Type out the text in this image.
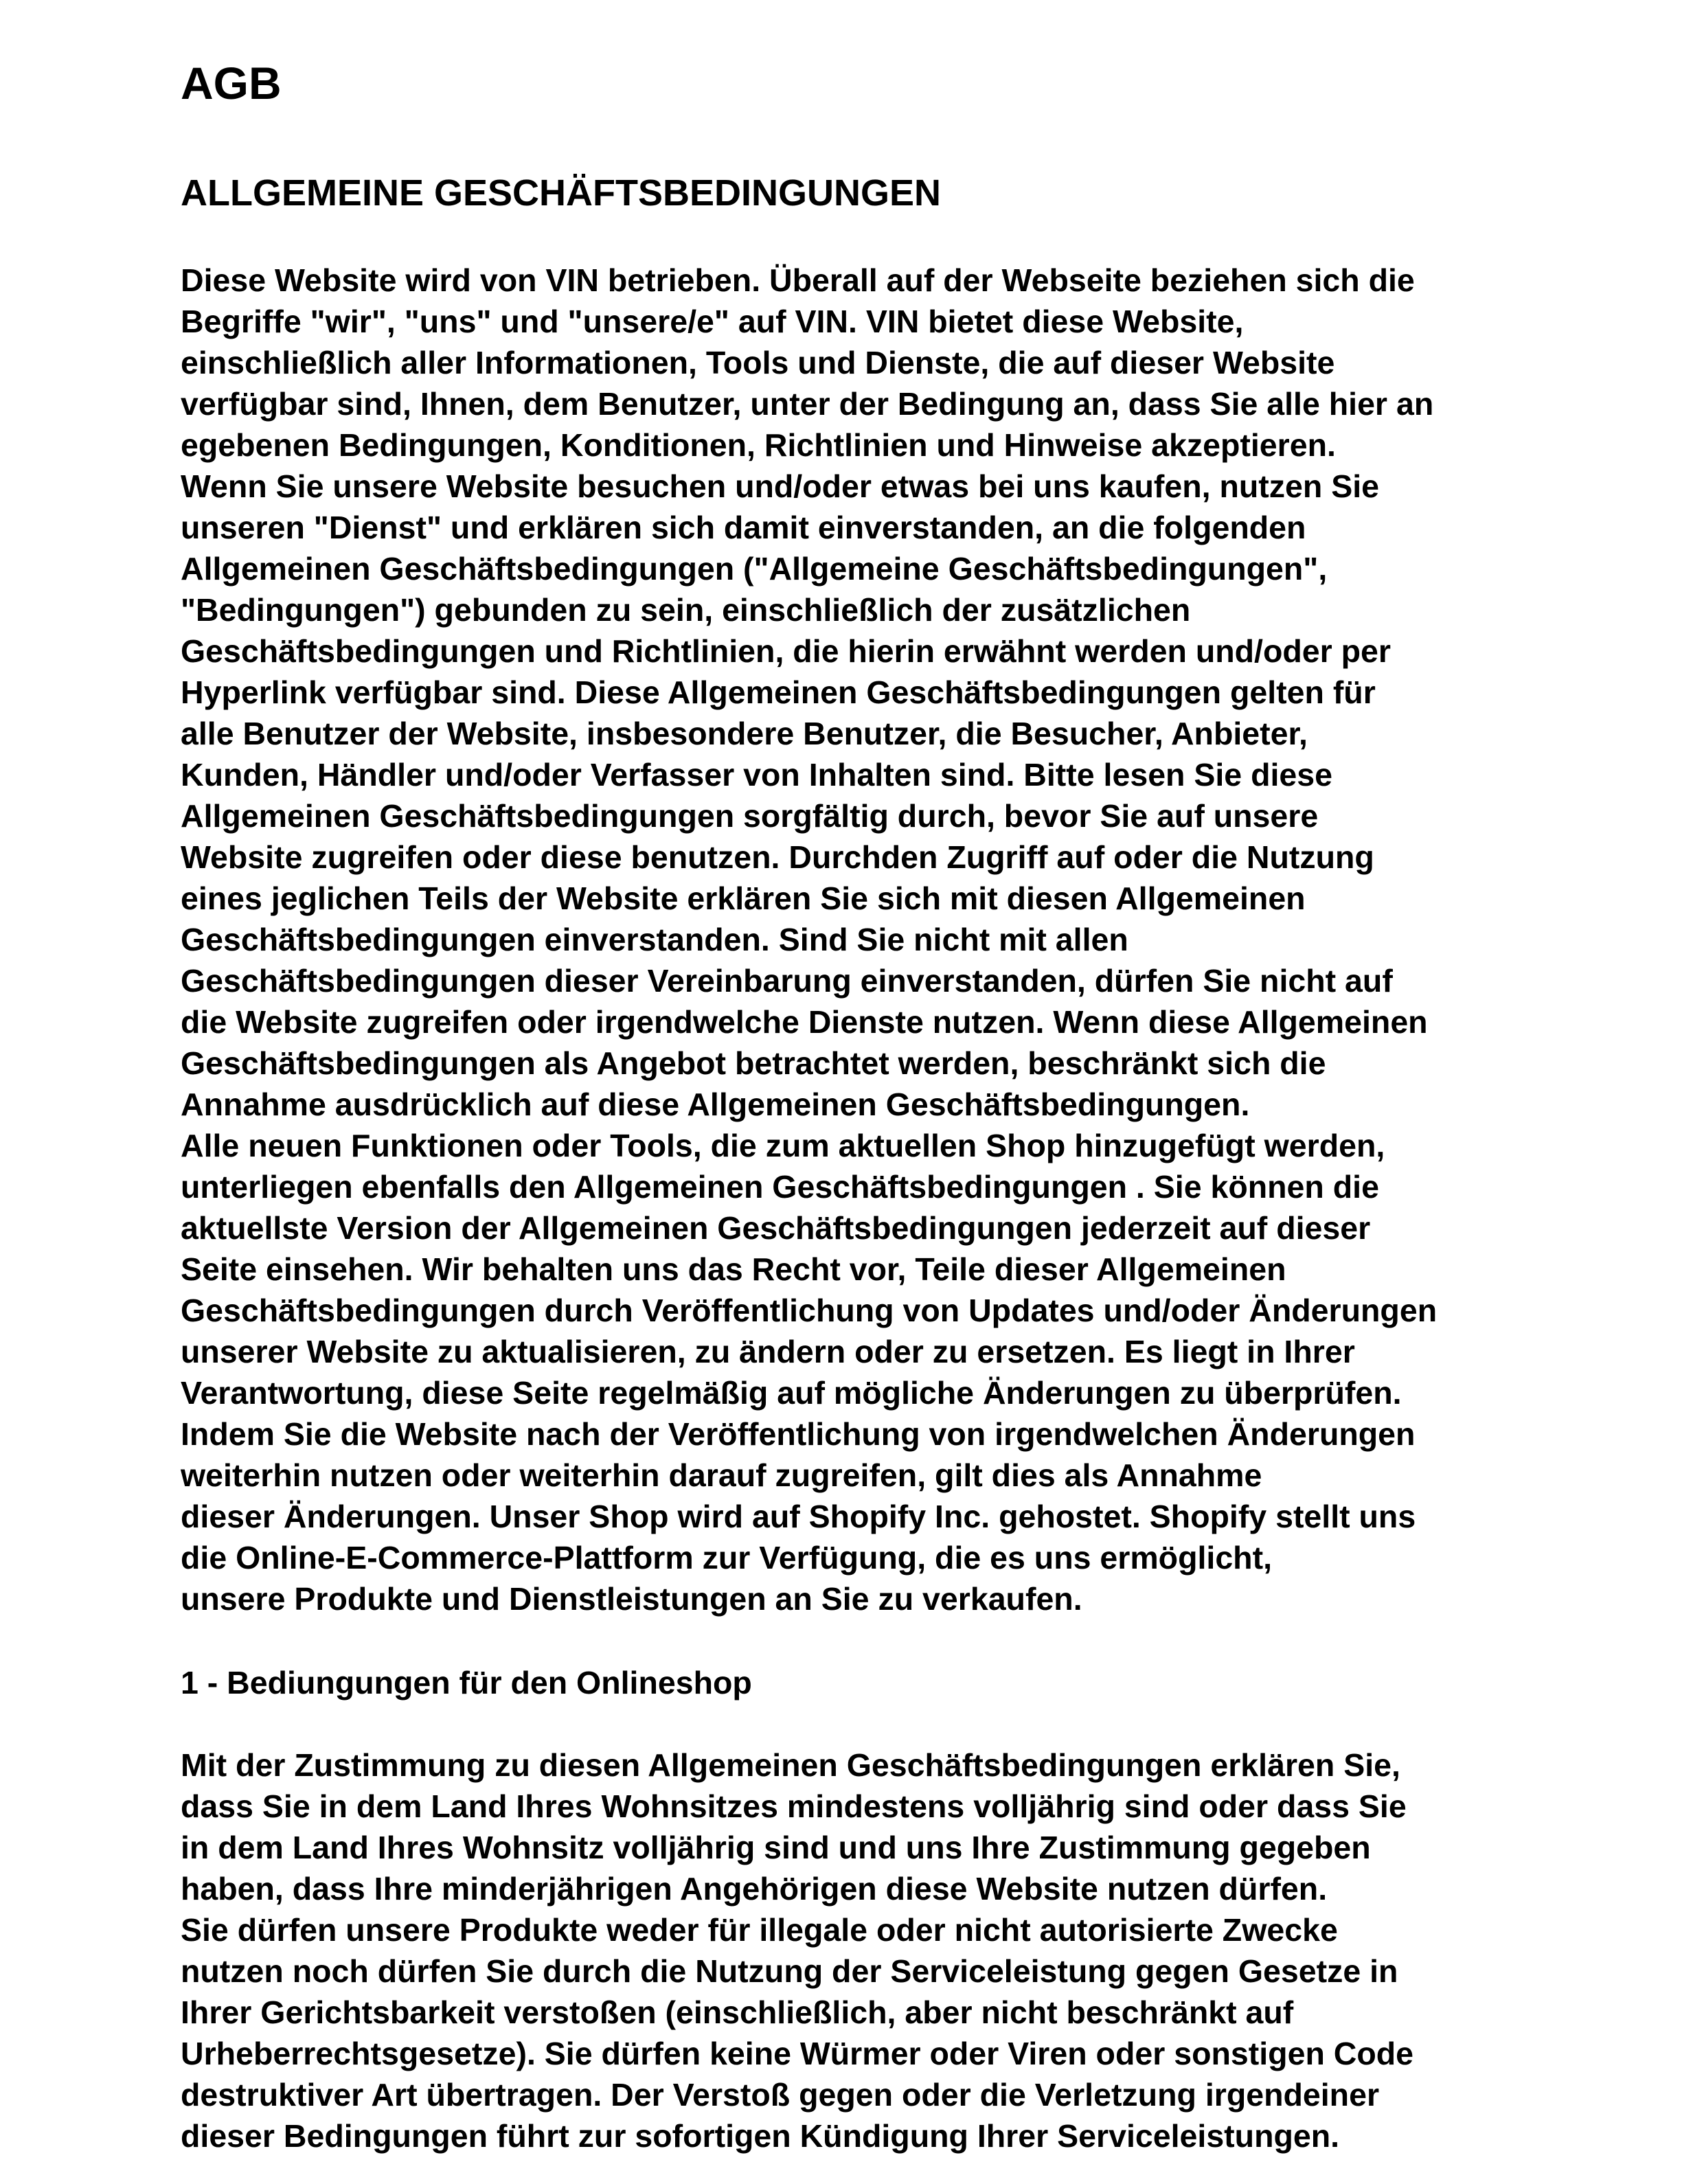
AGB
ALLGEMEINE GESCHÄFTSBEDINGUNGEN
Diese Website wird von VIN betrieben. Überall auf der Webseite beziehen sich die
Begriffe "wir", "uns" und "unsere/e" auf VIN. VIN bietet diese Website,
einschließlich aller Informationen, Tools und Dienste, die auf dieser Website
verfügbar sind, Ihnen, dem Benutzer, unter der Bedingung an, dass Sie alle hier an
egebenen Bedingungen, Konditionen, Richtlinien und Hinweise akzeptieren.
Wenn Sie unsere Website besuchen und/oder etwas bei uns kaufen, nutzen Sie
unseren "Dienst" und erklären sich damit einverstanden, an die folgenden
Allgemeinen Geschäftsbedingungen ("Allgemeine Geschäftsbedingungen",
"Bedingungen") gebunden zu sein, einschließlich der zusätzlichen
Geschäftsbedingungen und Richtlinien, die hierin erwähnt werden und/oder per
Hyperlink verfügbar sind. Diese Allgemeinen Geschäftsbedingungen gelten für
alle Benutzer der Website, insbesondere Benutzer, die Besucher, Anbieter,
Kunden, Händler und/oder Verfasser von Inhalten sind. Bitte lesen Sie diese
Allgemeinen Geschäftsbedingungen sorgfältig durch, bevor Sie auf unsere
Website zugreifen oder diese benutzen. Durchden Zugriff auf oder die Nutzung
eines jeglichen Teils der Website erklären Sie sich mit diesen Allgemeinen
Geschäftsbedingungen einverstanden. Sind Sie nicht mit allen
Geschäftsbedingungen dieser Vereinbarung einverstanden, dürfen Sie nicht auf
die Website zugreifen oder irgendwelche Dienste nutzen. Wenn diese Allgemeinen
Geschäftsbedingungen als Angebot betrachtet werden, beschränkt sich die
Annahme ausdrücklich auf diese Allgemeinen Geschäftsbedingungen.
Alle neuen Funktionen oder Tools, die zum aktuellen Shop hinzugefügt werden,
unterliegen ebenfalls den Allgemeinen Geschäftsbedingungen . Sie können die
aktuellste Version der Allgemeinen Geschäftsbedingungen jederzeit auf dieser
Seite einsehen. Wir behalten uns das Recht vor, Teile dieser Allgemeinen
Geschäftsbedingungen durch Veröffentlichung von Updates und/oder Änderungen
unserer Website zu aktualisieren, zu ändern oder zu ersetzen. Es liegt in Ihrer
Verantwortung, diese Seite regelmäßig auf mögliche Änderungen zu überprüfen.
Indem Sie die Website nach der Veröffentlichung von irgendwelchen Änderungen
weiterhin nutzen oder weiterhin darauf zugreifen, gilt dies als Annahme
dieser Änderungen. Unser Shop wird auf Shopify Inc. gehostet. Shopify stellt uns
die Online-E-Commerce-Plattform zur Verfügung, die es uns ermöglicht,
unsere Produkte und Dienstleistungen an Sie zu verkaufen.
1 - Bediungungen für den Onlineshop
Mit der Zustimmung zu diesen Allgemeinen Geschäftsbedingungen erklären Sie,
dass Sie in dem Land Ihres Wohnsitzes mindestens volljährig sind oder dass Sie
in dem Land Ihres Wohnsitz volljährig sind und uns Ihre Zustimmung gegeben
haben, dass Ihre minderjährigen Angehörigen diese Website nutzen dürfen.
Sie dürfen unsere Produkte weder für illegale oder nicht autorisierte Zwecke
nutzen noch dürfen Sie durch die Nutzung der Serviceleistung gegen Gesetze in
Ihrer Gerichtsbarkeit verstoßen (einschließlich, aber nicht beschränkt auf
Urheberrechtsgesetze). Sie dürfen keine Würmer oder Viren oder sonstigen Code
destruktiver Art übertragen. Der Verstoß gegen oder die Verletzung irgendeiner
dieser Bedingungen führt zur sofortigen Kündigung Ihrer Serviceleistungen.
